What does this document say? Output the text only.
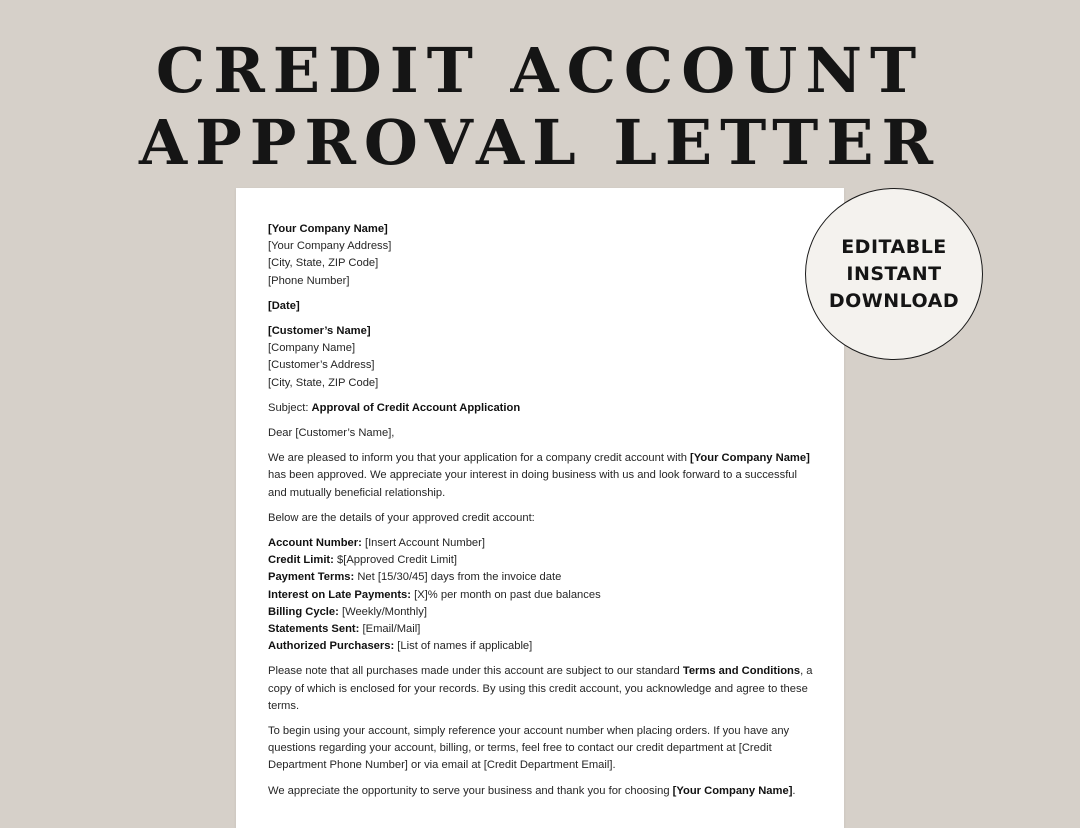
CREDIT ACCOUNT
APPROVAL LETTER

[Your Company Name]

[Your Company Address]

[City, State, ZIP Code]

[Phone Number]

[Date]

[Customer’s Name]

[Company Name]

[Customer’s Address]

[City, State, ZIP Code]

Subject: Approval of Credit Account Application

Dear [Customer’s Name],

We are pleased to inform you that your application for a company credit account with [Your Company Name] has been approved. We appreciate your interest in doing business with us and look forward to a successful and mutually beneficial relationship.

Below are the details of your approved credit account:

Account Number: [Insert Account Number]

Credit Limit: $[Approved Credit Limit]

Payment Terms: Net [15/30/45] days from the invoice date

Interest on Late Payments: [X]% per month on past due balances

Billing Cycle: [Weekly/Monthly]

Statements Sent: [Email/Mail]

Authorized Purchasers: [List of names if applicable]

Please note that all purchases made under this account are subject to our standard Terms and Conditions, a copy of which is enclosed for your records. By using this credit account, you acknowledge and agree to these terms.

To begin using your account, simply reference your account number when placing orders. If you have any questions regarding your account, billing, or terms, feel free to contact our credit department at [Credit Department Phone Number] or via email at [Credit Department Email].

We appreciate the opportunity to serve your business and thank you for choosing [Your Company Name].

EDITABLE
INSTANT
DOWNLOAD
